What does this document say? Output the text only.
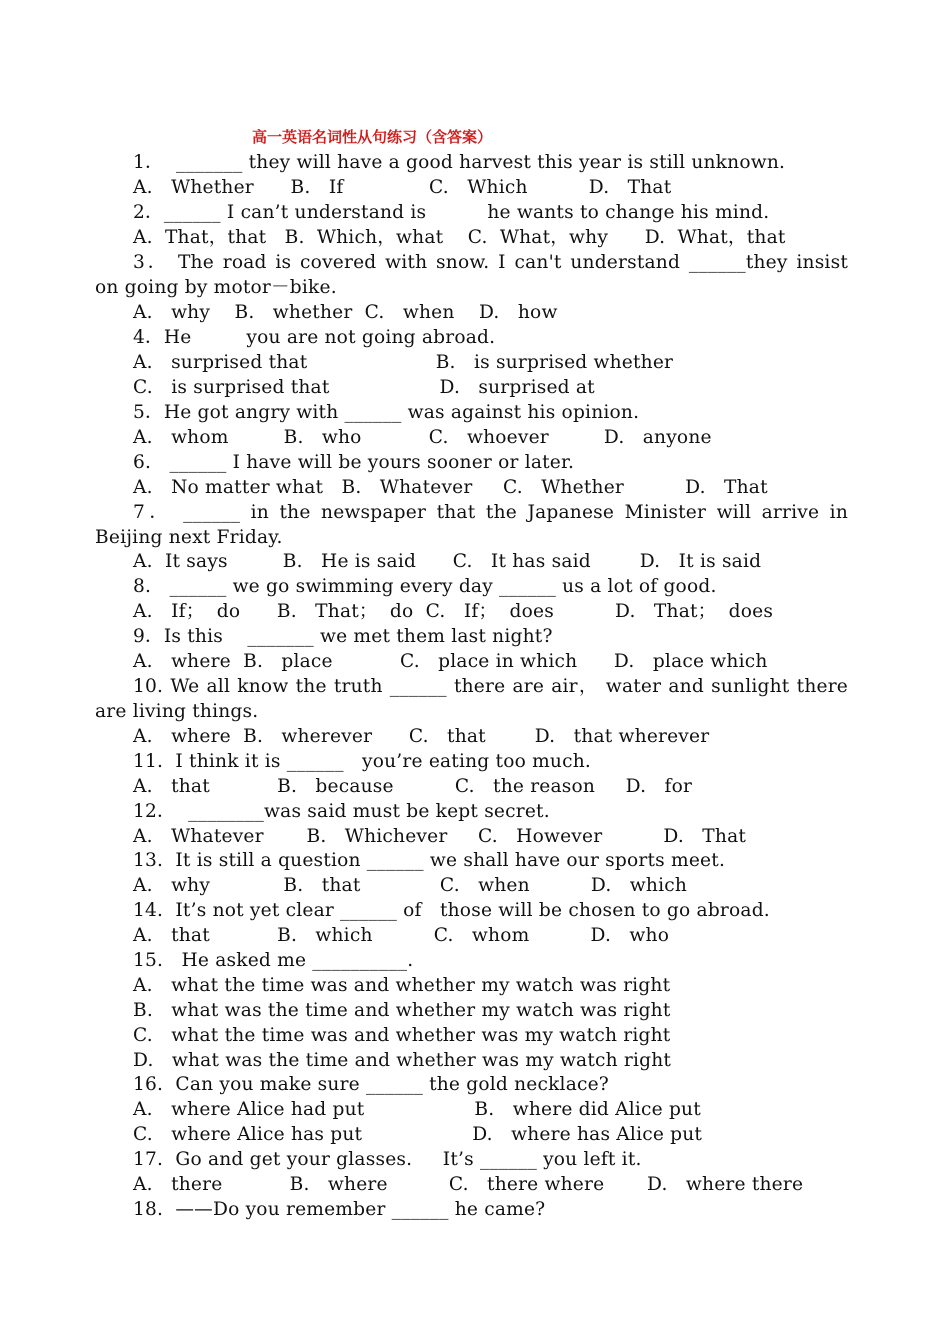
高一英语名词性从句练习（含答案）
1．  _______ they will have a good harvest this year is still unknown.
A.   Whether      B.   If              C.   Which          D.   That
2．______ I can’t understand is          he wants to change his mind.
A.  That，that   B.  Which，what    C.  What，why      D.  What，that
3． The road is covered with snow. I can't understand ______they insist
on going by motor－bike.
A.   why    B.   whether  C.   when    D.   how
4．He         you are not going abroad.
A.   surprised that                     B.   is surprised whether
C.   is surprised that                  D.   surprised at
5．He got angry with ______ was against his opinion.
A.   whom         B.   who           C.   whoever         D.   anyone
6.   ______ I have will be yours sooner or later.
A.   No matter what   B.   Whatever     C.   Whether          D.   That
7． ______ in the newspaper that the Japanese Minister will arrive in
Beijing next Friday.
A.  It says         B.   He is said      C.   It has said        D.   It is said
8.   ______ we go swimming every day ______ us a lot of good.
A.   If；  do      B.   That；  do  C.   If；  does          D.   That；  does
9．Is this    _______ we met them last night?
A.   where  B.   place           C.   place in which      D.   place which
10. We all know the truth ______ there are air， water and sunlight there
are living things.
A.   where  B.   wherever      C.   that        D.   that wherever
11.  I think it is ______   you’re eating too much.
A.   that           B.   because          C.   the reason     D.   for
12．  ________was said must be kept secret.
A.   Whatever       B.   Whichever     C.   However          D.   That
13.  It is still a question ______ we shall have our sports meet.
A.   why            B.   that             C.   when          D.   which
14.  It’s not yet clear ______ of   those will be chosen to go abroad.
A.   that           B.   which          C.   whom          D.   who
15.   He asked me __________.
A.   what the time was and whether my watch was right
B.   what was the time and whether my watch was right
C.   what the time was and whether was my watch right
D.   what was the time and whether was my watch right
16.  Can you make sure ______ the gold necklace?
A.   where Alice had put                  B.   where did Alice put
C.   where Alice has put                  D.   where has Alice put
17.  Go and get your glasses.     It’s ______ you left it.
A.   there           B.   where          C.   there where       D.   where there
18.  ——Do you remember ______ he came?
